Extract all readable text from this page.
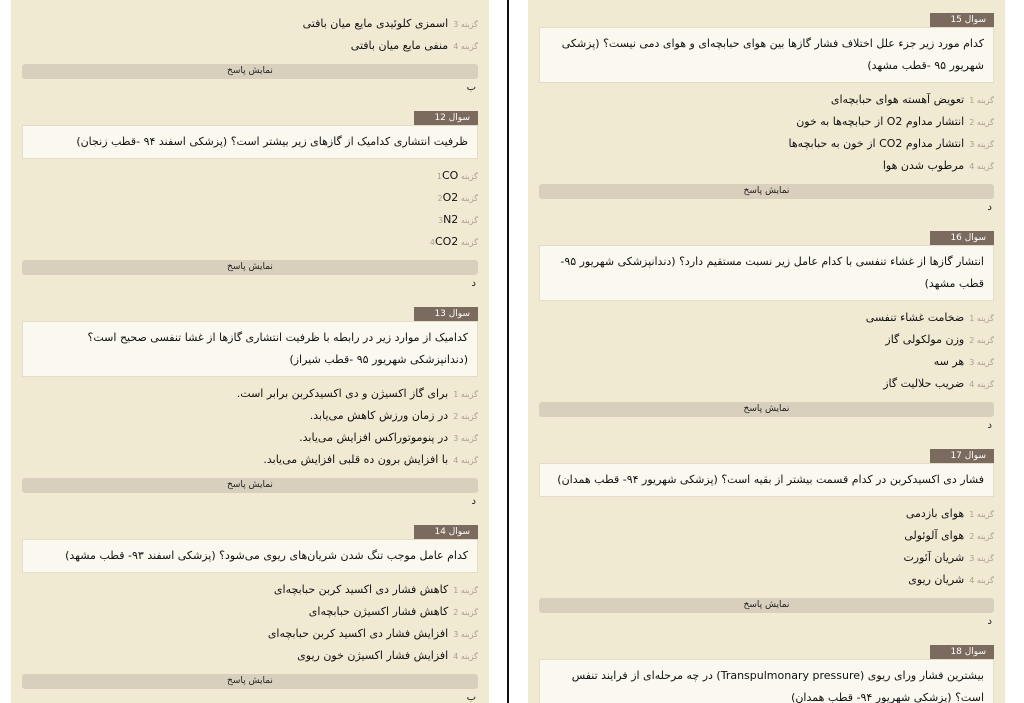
گزینه 3اسمزی کلوئیدی مایع میان بافتی
گزینه 4منفی مایع میان بافتی
نمایش پاسخ
ب
سوال 12
ظرفیت انتشاری کدامیک از گازهای زیر بیشتر است؟ (پزشکی اسفند ۹۴ -قطب زنجان)
گزینه 1CO
گزینه 2O2
گزینه 3N2
گزینه 4CO2
نمایش پاسخ
د
سوال 13
کدامیک از موارد زیر در رابطه با ظرفیت انتشاری گازها از غشا تنفسی صحیح است؟ (دندانپزشکی شهریور ۹۵ -قطب شیراز)
گزینه 1برای گاز اکسیژن و دی اکسیدکربن برابر است.
گزینه 2در زمان ورزش کاهش می‌یابد.
گزینه 3در پنوموتوراکس افزایش می‌یابد.
گزینه 4با افزایش برون ده قلبی افزایش می‌یابد.
نمایش پاسخ
د
سوال 14
کدام عامل موجب تنگ شدن شریان‌های ریوی می‌شود؟ (پزشکی اسفند ۹۳- قطب مشهد)
گزینه 1کاهش فشار دی اکسید کربن حبابچه‌ای
گزینه 2کاهش فشار اکسیژن حبابچه‌ای
گزینه 3افزایش فشار دی اکسید کربن حبابچه‌ای
گزینه 4افزایش فشار اکسیژن خون ریوی
نمایش پاسخ
ب
سوال 15
کدام مورد زیر جزء علل اختلاف فشار گازها بین هوای حبابچه‌ای و هوای دمی نیست؟ (پزشکی شهریور ۹۵ -قطب مشهد)
گزینه 1تعویض آهسته هوای حبابچه‌ای
گزینه 2انتشار مداوم O2 از حبابچه‌ها به خون
گزینه 3انتشار مداوم CO2 از خون به حبابچه‌ها
گزینه 4مرطوب شدن هوا
نمایش پاسخ
د
سوال 16
انتشار گازها از غشاء تنفسی با کدام عامل زیر نسبت مستقیم دارد؟ (دندانپزشکی شهریور ۹۵- قطب مشهد)
گزینه 1ضخامت غشاء تنفسی
گزینه 2وزن مولکولی گاز
گزینه 3هر سه
گزینه 4ضریب حلالیت گاز
نمایش پاسخ
د
سوال 17
فشار دی اکسیدکربن در کدام قسمت بیشتر از بقیه است؟ (پزشکی شهریور ۹۴- قطب همدان)
گزینه 1هوای بازدمی
گزینه 2هوای آلوئولی
گزینه 3شریان آئورت
گزینه 4شریان ریوی
نمایش پاسخ
د
سوال 18
بیشترین فشار ورای ریوی (Transpulmonary pressure) در چه مرحله‌ای از فرایند تنفس است؟ (پزشکی شهریور ۹۴- قطب همدان)
